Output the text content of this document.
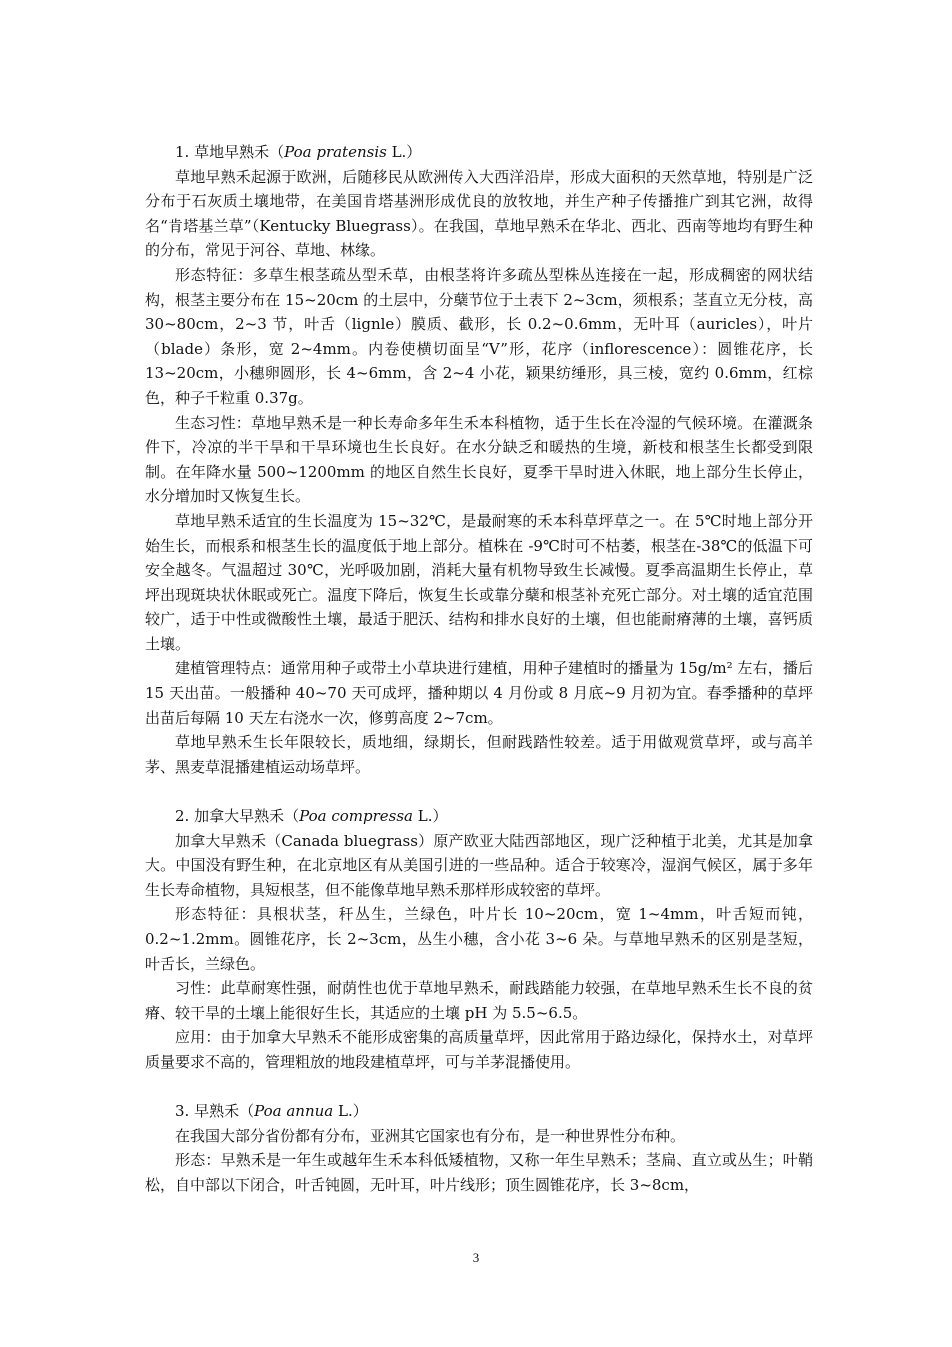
1. 草地早熟禾（Poa pratensis L.）

草地早熟禾起源于欧洲，后随移民从欧洲传入大西洋沿岸，形成大面积的天然草地，特别是广泛分布于石灰质土壤地带，在美国肯塔基洲形成优良的放牧地，并生产种子传播推广到其它洲，故得名“肯塔基兰草”（Kentucky Bluegrass）。在我国，草地早熟禾在华北、西北、西南等地均有野生种的分布，常见于河谷、草地、林缘。

形态特征：多草生根茎疏丛型禾草，由根茎将许多疏丛型株丛连接在一起，形成稠密的网状结构，根茎主要分布在 15~20cm 的土层中，分蘖节位于土表下 2~3cm，须根系；茎直立无分枝，高 30~80cm，2~3 节，叶舌（lignle）膜质、截形，长 0.2~0.6mm，无叶耳（auricles），叶片（blade）条形，宽 2~4mm。内卷使横切面呈“V”形，花序（inflorescence）：圆锥花序，长 13~20cm，小穗卵圆形，长 4~6mm，含 2~4 小花，颖果纺缍形，具三棱，宽约 0.6mm，红棕色，种子千粒重 0.37g。

生态习性：草地早熟禾是一种长寿命多年生禾本科植物，适于生长在冷湿的气候环境。在灌溉条件下，冷凉的半干旱和干旱环境也生长良好。在水分缺乏和暖热的生境，新枝和根茎生长都受到限制。在年降水量 500~1200mm 的地区自然生长良好，夏季干旱时进入休眠，地上部分生长停止，水分增加时又恢复生长。

草地早熟禾适宜的生长温度为 15~32℃，是最耐寒的禾本科草坪草之一。在 5℃时地上部分开始生长，而根系和根茎生长的温度低于地上部分。植株在 -9℃时可不枯萎，根茎在-38℃的低温下可安全越冬。气温超过 30℃，光呼吸加剧，消耗大量有机物导致生长减慢。夏季高温期生长停止，草坪出现斑块状休眠或死亡。温度下降后，恢复生长或靠分蘖和根茎补充死亡部分。对土壤的适宜范围较广，适于中性或微酸性土壤，最适于肥沃、结构和排水良好的土壤，但也能耐瘠薄的土壤，喜钙质土壤。

建植管理特点：通常用种子或带土小草块进行建植，用种子建植时的播量为 15g/m² 左右，播后 15 天出苗。一般播种 40~70 天可成坪，播种期以 4 月份或 8 月底~9 月初为宜。春季播种的草坪出苗后每隔 10 天左右浇水一次，修剪高度 2~7cm。

草地早熟禾生长年限较长，质地细，绿期长，但耐践踏性较差。适于用做观赏草坪，或与高羊茅、黑麦草混播建植运动场草坪。

2. 加拿大早熟禾（Poa compressa L.）

加拿大早熟禾（Canada bluegrass）原产欧亚大陆西部地区，现广泛种植于北美，尤其是加拿大。中国没有野生种，在北京地区有从美国引进的一些品种。适合于较寒冷，湿润气候区，属于多年生长寿命植物，具短根茎，但不能像草地早熟禾那样形成较密的草坪。

形态特征：具根状茎，秆丛生，兰绿色，叶片长 10~20cm，宽 1~4mm，叶舌短而钝，0.2~1.2mm。圆锥花序，长 2~3cm，丛生小穗，含小花 3~6 朵。与草地早熟禾的区别是茎短，叶舌长，兰绿色。

习性：此草耐寒性强，耐荫性也优于草地早熟禾，耐践踏能力较强，在草地早熟禾生长不良的贫瘠、较干旱的土壤上能很好生长，其适应的土壤 pH 为 5.5~6.5。

应用：由于加拿大早熟禾不能形成密集的高质量草坪，因此常用于路边绿化，保持水土，对草坪质量要求不高的，管理粗放的地段建植草坪，可与羊茅混播使用。

3. 早熟禾（Poa annua L.）

在我国大部分省份都有分布，亚洲其它国家也有分布，是一种世界性分布种。

形态：早熟禾是一年生或越年生禾本科低矮植物，又称一年生早熟禾；茎扁、直立或丛生；叶鞘松，自中部以下闭合，叶舌钝圆，无叶耳，叶片线形；顶生圆锥花序，长 3~8cm，

3
